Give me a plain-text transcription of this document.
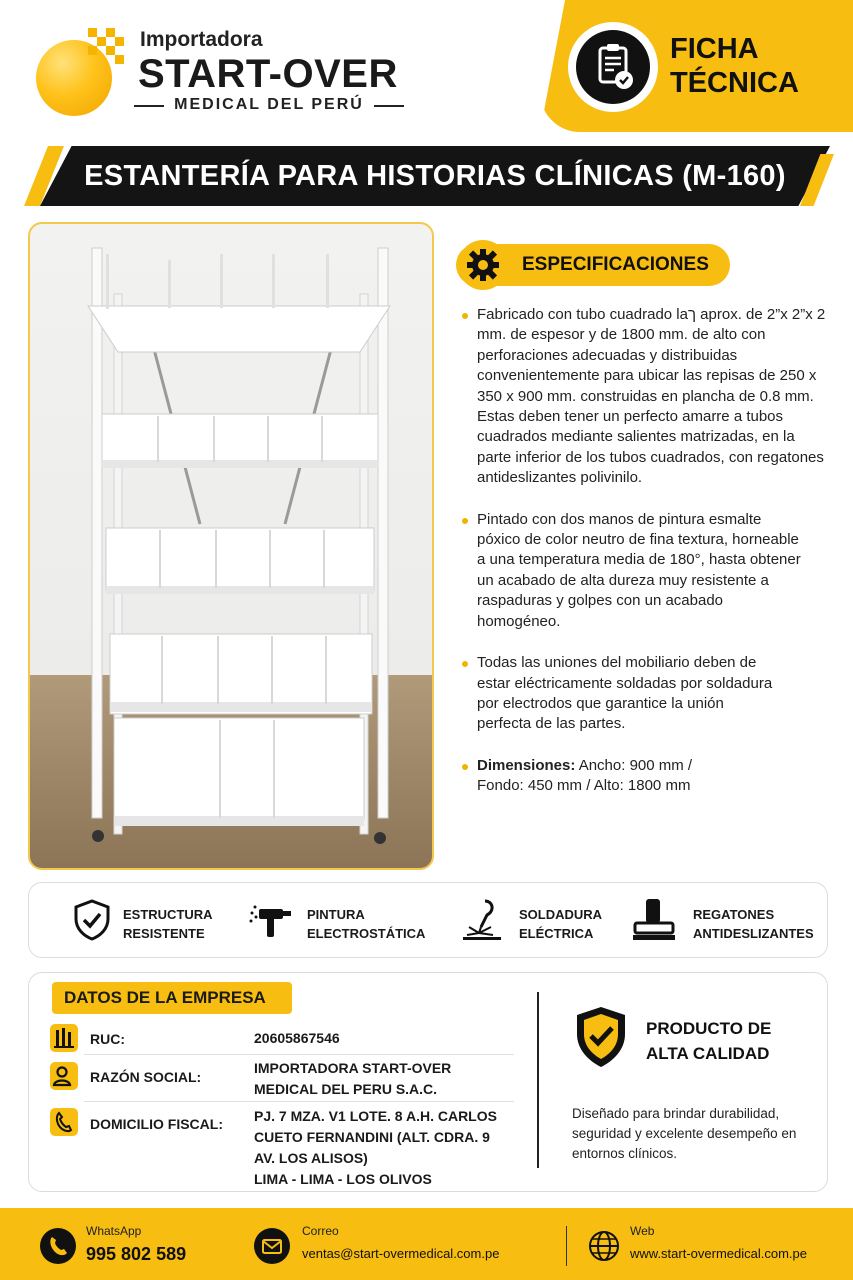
Importadora
START-OVER
MEDICAL DEL PERÚ
FICHA
TÉCNICA
ESTANTERÍA PARA HISTORIAS CLÍNICAS (M-160)
ESPECIFICACIONES
Fabricado con tubo cuadrado laך aprox. de 2”x 2”x 2 mm. de espesor y de 1800 mm. de alto con perforaciones adecuadas y distribuidas convenientemente para ubicar las repisas de 250 x 350 x 900 mm. construidas en plancha de 0.8 mm. Estas deben tener un perfecto amarre a tubos cuadrados mediante salientes matrizadas, en la parte inferior de los tubos cuadrados, con regatones antideslizantes polivinilo.
Pintado con dos manos de pintura esmalte póxico de color neutro de fina textura, horneable a una temperatura media de 180°, hasta obtener un acabado de alta dureza muy resistente a raspaduras y golpes con un acabado homogéneo.
Todas las uniones del mobiliario deben de estar eléctricamente soldadas por soldadura por electrodos que garantice la unión perfecta de las partes.
Dimensiones: Ancho: 900 mm / Fondo: 450 mm / Alto: 1800 mm
ESTRUCTURA
RESISTENTE
PINTURA
ELECTROSTÁTICA
SOLDADURA
ELÉCTRICA
REGATONES
ANTIDESLIZANTES
DATOS DE LA EMPRESA
RUC:	20605867546
RAZÓN SOCIAL:
IMPORTADORA START-OVER
MEDICAL DEL PERU S.A.C.
DOMICILIO FISCAL: PJ. 7 MZA. V1 LOTE. 8 A.H. CARLOS
CUETO FERNANDINI (ALT. CDRA. 9
AV. LOS ALISOS)
LIMA - LIMA - LOS OLIVOS
PRODUCTO DE
ALTA CALIDAD
Diseñado para brindar durabilidad, seguridad y excelente desempeño en entornos clínicos.
WhatsApp
995 802 589
Correo
ventas@start-overmedical.com.pe
Web
www.start-overmedical.com.pe
